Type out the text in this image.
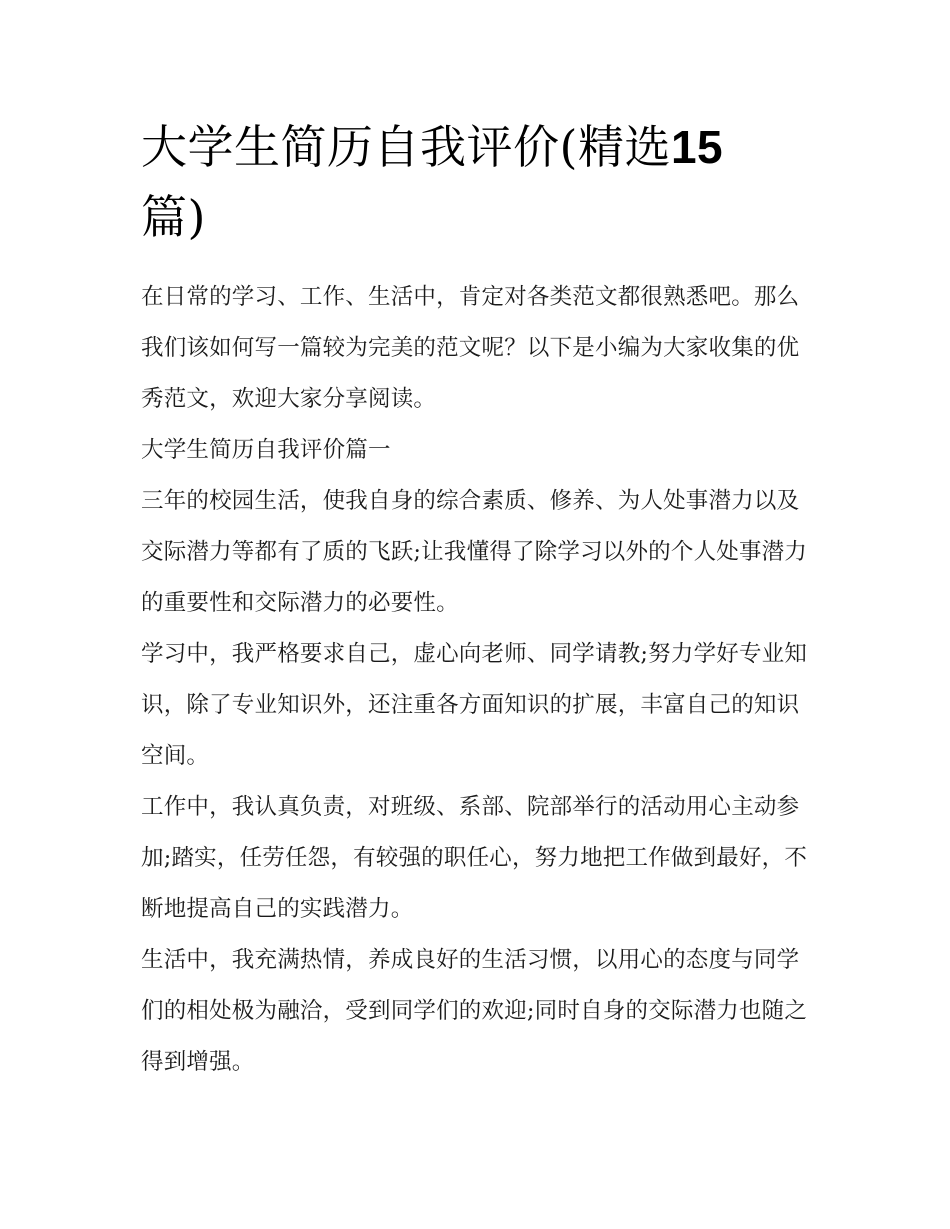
大学生简历自我评价(精选15
篇)

在日常的学习、工作、生活中，肯定对各类范文都很熟悉吧。那么我们该如何写一篇较为完美的范文呢？以下是小编为大家收集的优秀范文，欢迎大家分享阅读。

大学生简历自我评价篇一

三年的校园生活，使我自身的综合素质、修养、为人处事潜力以及交际潜力等都有了质的飞跃;让我懂得了除学习以外的个人处事潜力的重要性和交际潜力的必要性。

学习中，我严格要求自己，虚心向老师、同学请教;努力学好专业知识，除了专业知识外，还注重各方面知识的扩展，丰富自己的知识空间。

工作中，我认真负责，对班级、系部、院部举行的活动用心主动参加;踏实，任劳任怨，有较强的职任心，努力地把工作做到最好，不断地提高自己的实践潜力。

生活中，我充满热情，养成良好的生活习惯，以用心的态度与同学们的相处极为融洽，受到同学们的欢迎;同时自身的交际潜力也随之得到增强。
